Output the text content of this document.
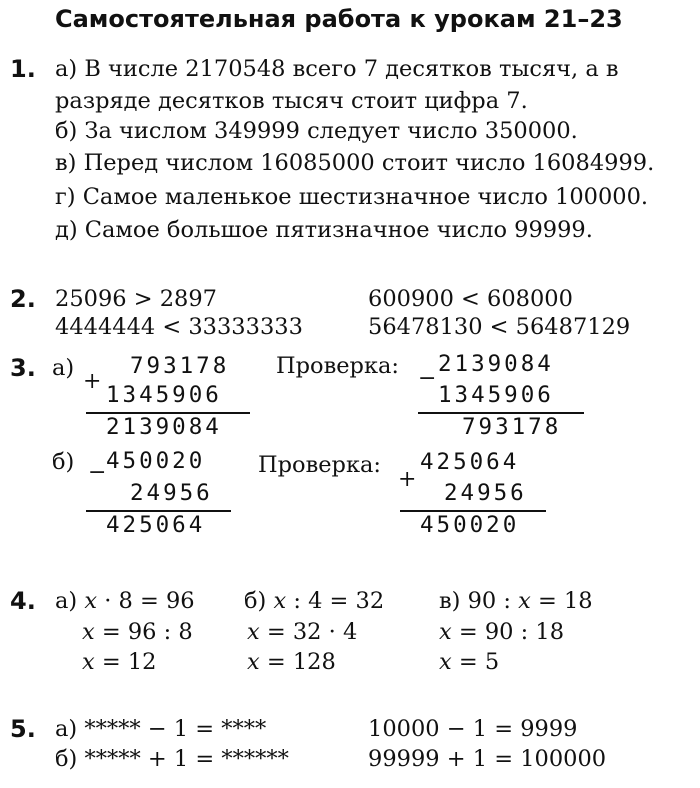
Самостоятельная работа к урокам 21–23
1. а) В числе 2170548 всего 7 десятков тысяч, а в
разряде десятков тысяч стоит цифра 7.
б) За числом 349999 следует число 350000.
в) Перед числом 16085000 стоит число 16084999.
г) Самое маленькое шестизначное число 100000.
д) Самое большое пятизначное число 99999.
2. 25096 > 2897
4444444 < 33333333
600900 < 608000
56478130 < 56487129
3. а)
+
793178
1345906
2139084
Проверка: −
2139084
1345906
793178
б) − 450020
24956
425064
Проверка:
+
425064
24956
450020
4. а) x · 8 = 96
x = 96 : 8
x = 12
б) x : 4 = 32
x = 32 · 4
x = 128
в) 90 : x = 18
x = 90 : 18
x = 5
5. а) ***** − 1 = ****
б) ***** + 1 = ******
10000 − 1 = 9999
99999 + 1 = 100000
